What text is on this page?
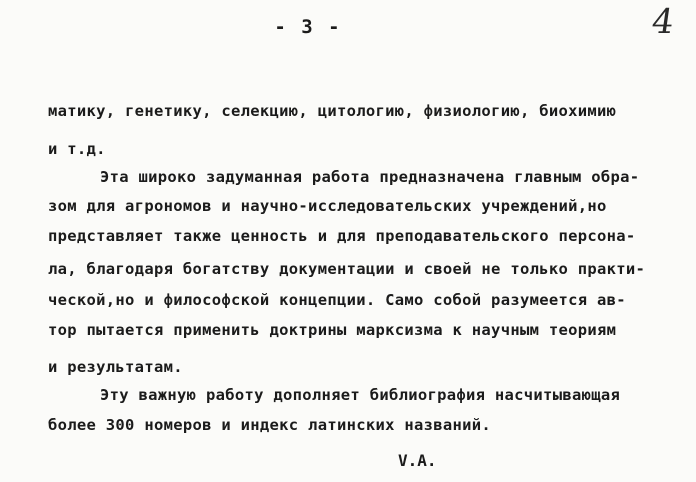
- 3 -	4
матику, генетику, селекцию, цитологию, физиологию, биохимию
и т.д.
Эта широко задуманная работа предназначена главным обра-
зом для агрономов и научно-исследовательских учреждений,но
представляет также ценность и для преподавательского персона-
ла, благодаря богатству документации и своей не только практи-
ческой,но и философской концепции. Само собой разумеется ав-
тор пытается применить доктрины марксизма к научным теориям
и результатам.
Эту важную работу дополняет библиография насчитывающая
более 300 номеров и индекс латинских названий.
V.A.
